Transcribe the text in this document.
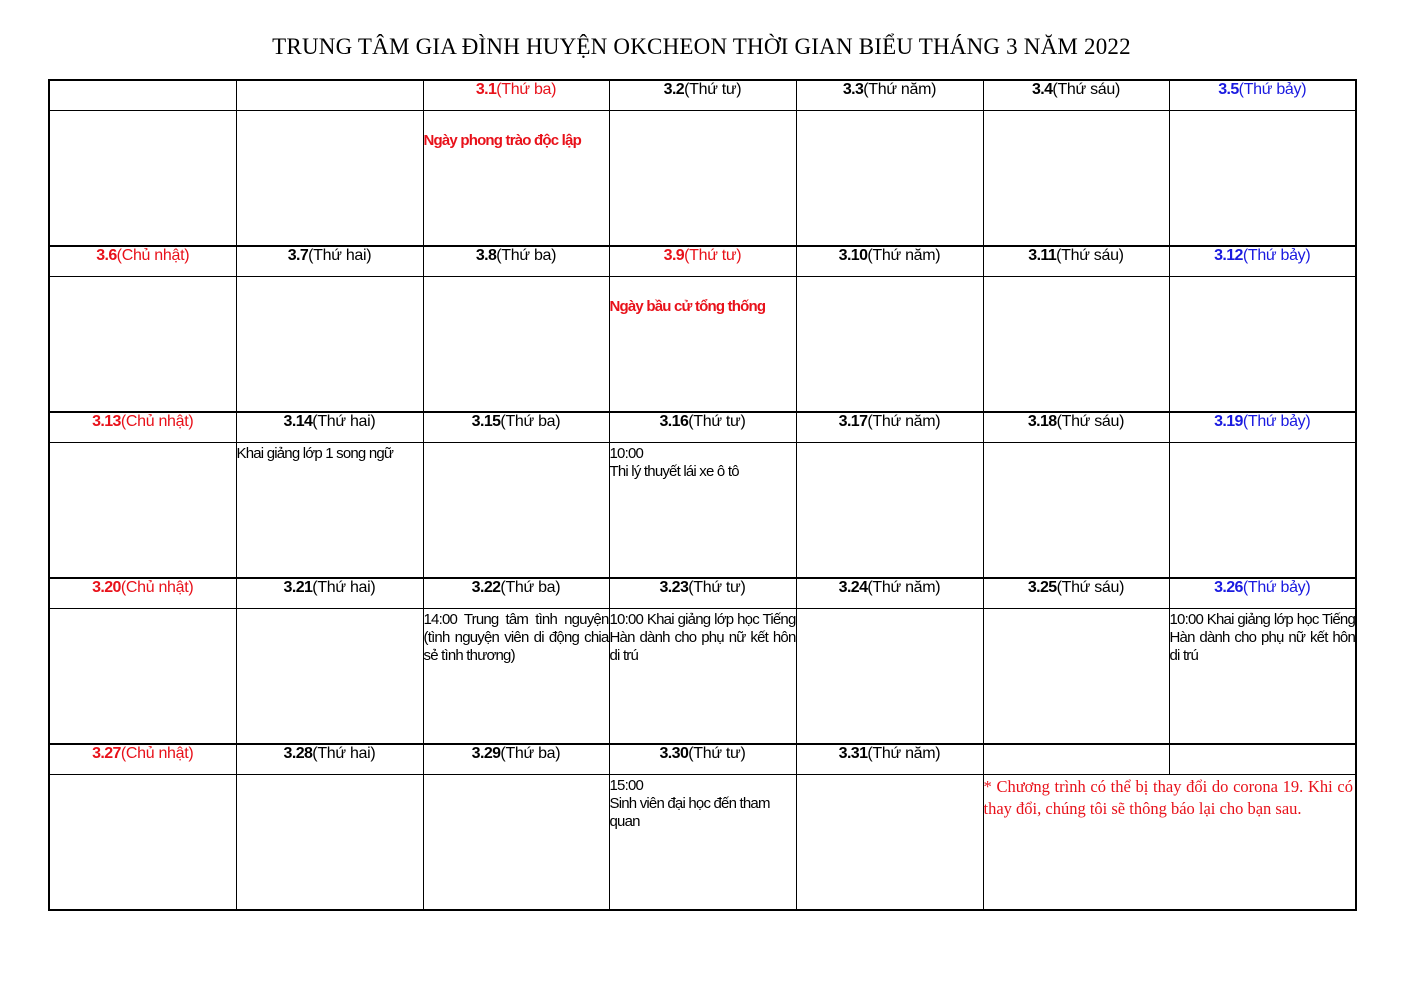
TRUNG TÂM GIA ĐÌNH HUYỆN OKCHEON THỜI GIAN BIỂU THÁNG 3 NĂM 2022
		3.1(Thứ ba)	3.2(Thứ tư)	3.3(Thứ năm)	3.4(Thứ sáu)	3.5(Thứ bảy)

		Ngày phong trào độc lập				

3.6(Chủ nhật)	3.7(Thứ hai)	3.8(Thứ ba)	3.9(Thứ tư)	3.10(Thứ năm)	3.11(Thứ sáu)	3.12(Thứ bảy)

			Ngày bầu cử tổng thống			

3.13(Chủ nhật)	3.14(Thứ hai)	3.15(Thứ ba)	3.16(Thứ tư)	3.17(Thứ năm)	3.18(Thứ sáu)	3.19(Thứ bảy)

	Khai giảng lớp 1 song ngữ		10:00
Thi lý thuyết lái xe ô tô			

3.20(Chủ nhật)	3.21(Thứ hai)	3.22(Thứ ba)	3.23(Thứ tư)	3.24(Thứ năm)	3.25(Thứ sáu)	3.26(Thứ bảy)

		14:00 Trung tâm tình nguyện (tình nguyện viên di động chia sẻ tình thương)	10:00 Khai giảng lớp học Tiếng Hàn dành cho phụ nữ kết hôn di trú			10:00 Khai giảng lớp học Tiếng Hàn dành cho phụ nữ kết hôn di trú

3.27(Chủ nhật)	3.28(Thứ hai)	3.29(Thứ ba)	3.30(Thứ tư)	3.31(Thứ năm)		

			15:00
Sinh viên đại học đến tham quan		* Chương trình có thể bị thay đổi do corona 19. Khi có thay đổi, chúng tôi sẽ thông báo lại cho bạn sau.	
